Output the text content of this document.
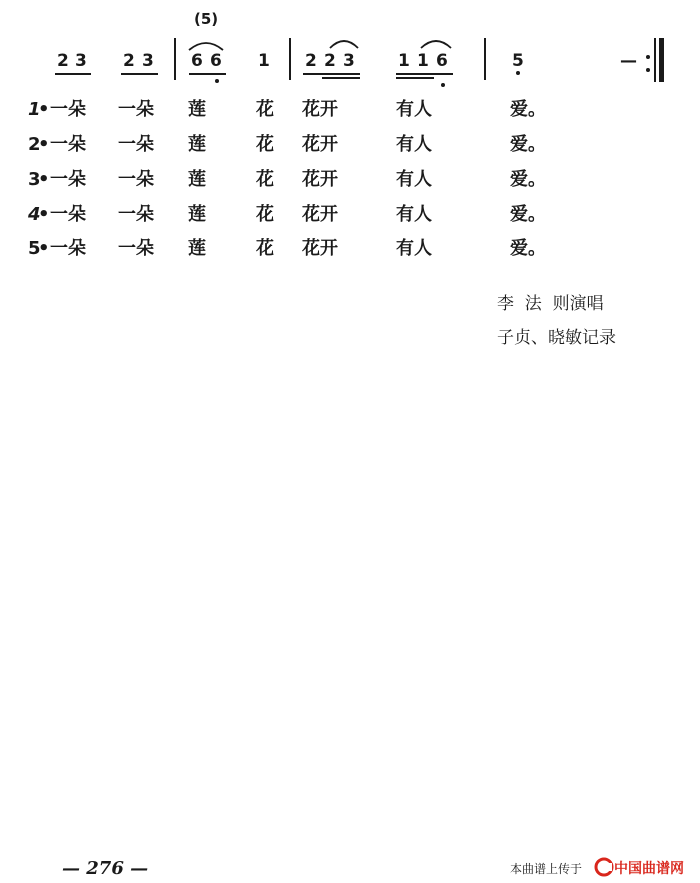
(5)
2 3 2 3 6 6 1 2 2 3	1 1 6	5	—
1
• 一朵 一朵 莲	花 花开	有人	爱。
2
• 一朵 一朵 莲	花 花开	有人	爱。
3
• 一朵 一朵 莲	花 花开	有人	爱。
4
• 一朵 一朵 莲	花 花开	有人	爱。
5
• 一朵 一朵 莲	花 花开	有人	爱。
李  法  则演唱
子贞、晓敏记录
— 276 —	本曲谱上传于 中国曲谱网
